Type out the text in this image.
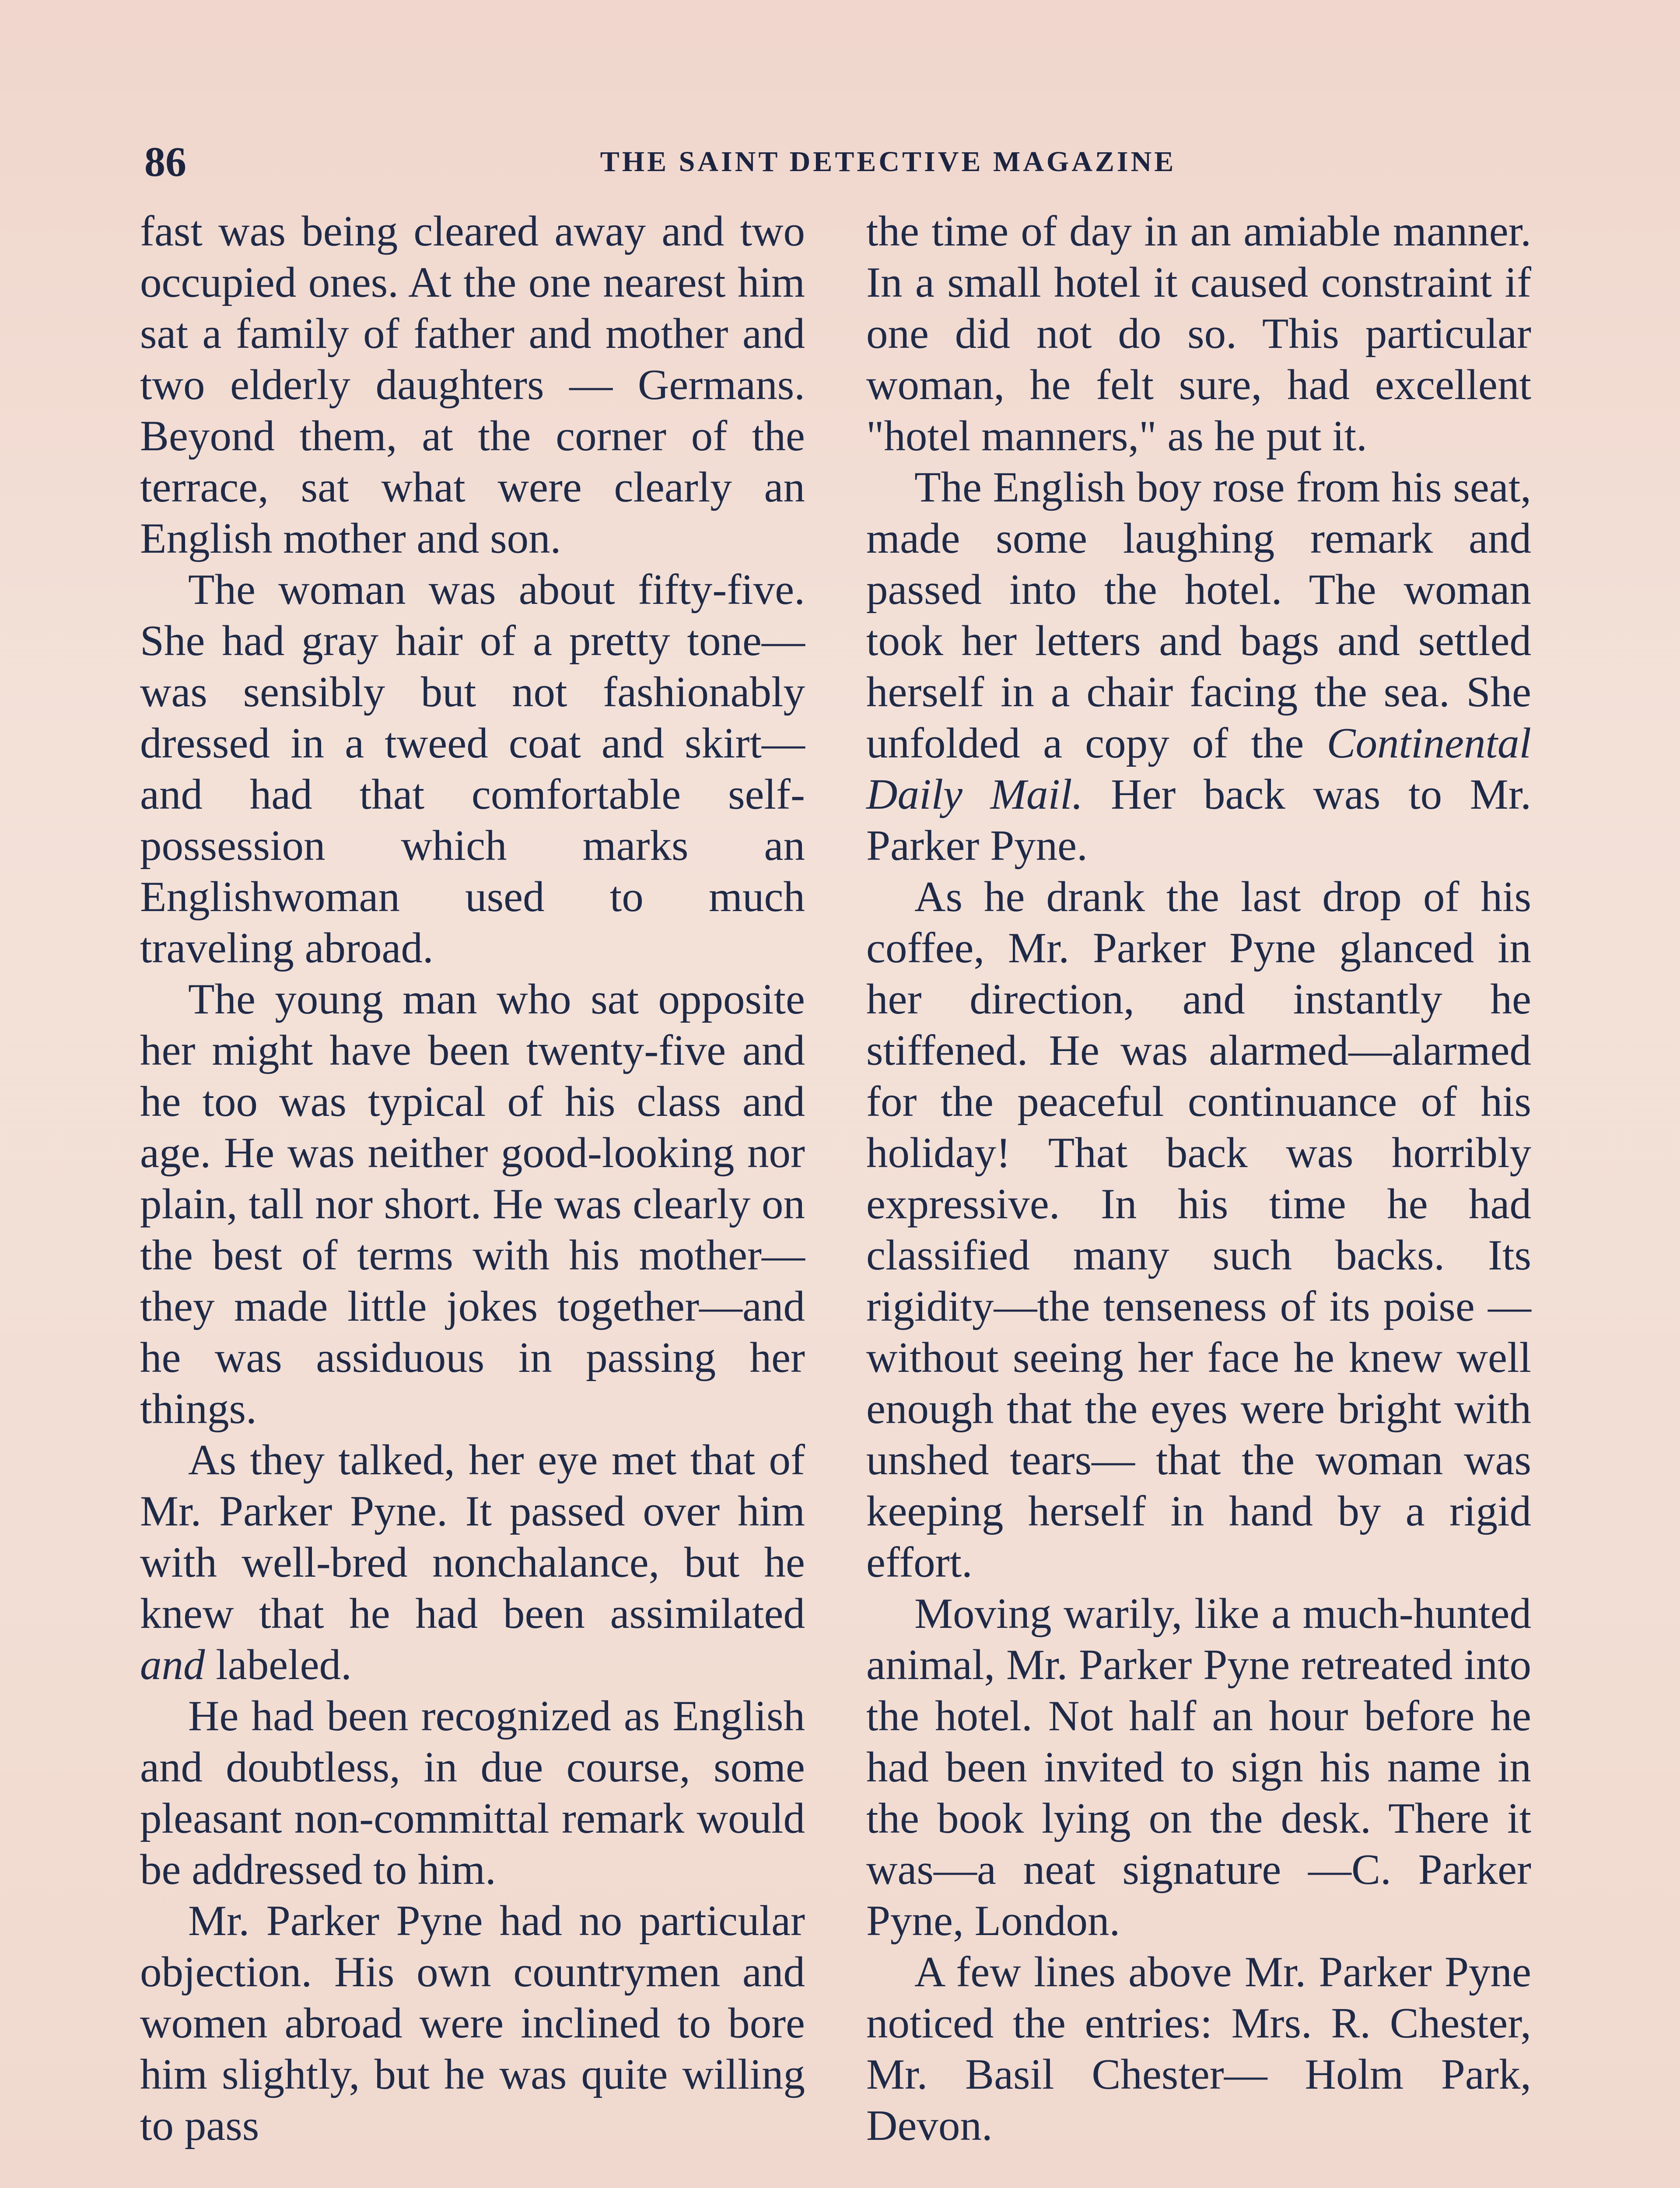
86	THE SAINT DETECTIVE MAGAZINE

fast was being cleared away and two occupied ones. At the one nearest him sat a family of father and mother and two elderly daughters — Germans. Beyond them, at the corner of the terrace, sat what were clearly an English mother and son.

The woman was about fifty-five. She had gray hair of a pretty tone—was sensibly but not fashionably dressed in a tweed coat and skirt—and had that comfortable self-possession which marks an Englishwoman used to much traveling abroad.

The young man who sat opposite her might have been twenty-five and he too was typical of his class and age. He was neither good-looking nor plain, tall nor short. He was clearly on the best of terms with his mother—they made little jokes together—and he was assiduous in passing her things.

As they talked, her eye met that of Mr. Parker Pyne. It passed over him with well-bred nonchalance, but he knew that he had been assimilated and labeled.

He had been recognized as English and doubtless, in due course, some pleasant non-committal remark would be addressed to him.

Mr. Parker Pyne had no particular objection. His own countrymen and women abroad were inclined to bore him slightly, but he was quite willing to pass

the time of day in an amiable manner. In a small hotel it caused constraint if one did not do so. This particular woman, he felt sure, had excellent "hotel manners," as he put it.

The English boy rose from his seat, made some laughing remark and passed into the hotel. The woman took her letters and bags and settled herself in a chair facing the sea. She unfolded a copy of the Continental Daily Mail. Her back was to Mr. Parker Pyne.

As he drank the last drop of his coffee, Mr. Parker Pyne glanced in her direction, and instantly he stiffened. He was alarmed—alarmed for the peaceful continuance of his holiday! That back was horribly expressive. In his time he had classified many such backs. Its rigidity—the tenseness of its poise —without seeing her face he knew well enough that the eyes were bright with unshed tears— that the woman was keeping herself in hand by a rigid effort.

Moving warily, like a much-hunted animal, Mr. Parker Pyne retreated into the hotel. Not half an hour before he had been invited to sign his name in the book lying on the desk. There it was—a neat signature —C. Parker Pyne, London.

A few lines above Mr. Parker Pyne noticed the entries: Mrs. R. Chester, Mr. Basil Chester— Holm Park, Devon.
